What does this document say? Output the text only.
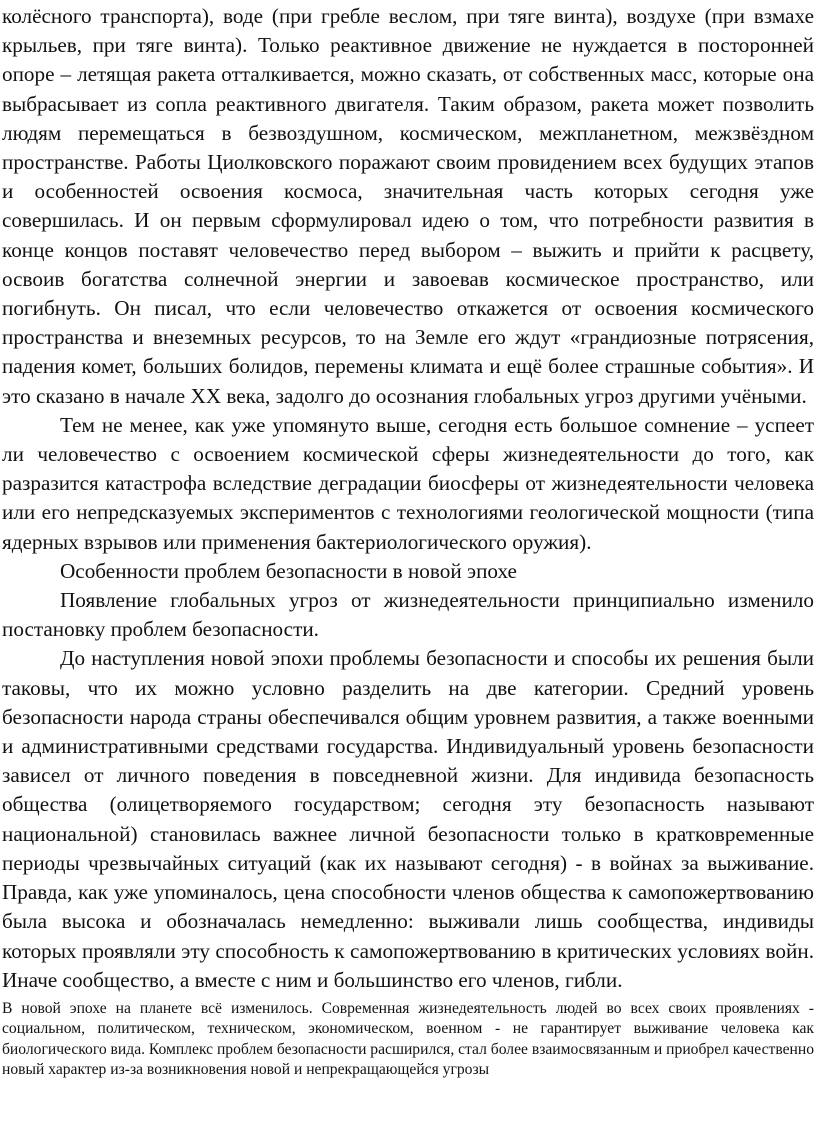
колёсного транспорта), воде (при гребле веслом, при тяге винта), воздухе (при взмахе крыльев, при тяге винта). Только реактивное движение не нуждается в посторонней опоре – летящая ракета отталкивается, можно сказать, от собственных масс, которые она выбрасывает из сопла реактивного двигателя. Таким образом, ракета может позволить людям перемещаться в безвоздушном, космическом, межпланетном, межзвёздном пространстве. Работы Циолковского поражают своим провидением всех будущих этапов и особенностей освоения космоса, значительная часть которых сегодня уже совершилась. И он первым сформулировал идею о том, что потребности развития в конце концов поставят человечество перед выбором – выжить и прийти к расцвету, освоив богатства солнечной энергии и завоевав космическое пространство, или погибнуть. Он писал, что если человечество откажется от освоения космического пространства и внеземных ресурсов, то на Земле его ждут «грандиозные потрясения, падения комет, больших болидов, перемены климата и ещё более страшные события». И это сказано в начале XX века, задолго до осознания глобальных угроз другими учёными.

Тем не менее, как уже упомянуто выше, сегодня есть большое сомнение – успеет ли человечество с освоением космической сферы жизнедеятельности до того, как разразится катастрофа вследствие деградации биосферы от жизнедеятельности человека или его непредсказуемых экспериментов с технологиями геологической мощности (типа ядерных взрывов или применения бактериологического оружия).

Особенности проблем безопасности в новой эпохе

Появление глобальных угроз от жизнедеятельности принципиально изменило постановку проблем безопасности.

До наступления новой эпохи проблемы безопасности и способы их решения были таковы, что их можно условно разделить на две категории. Средний уровень безопасности народа страны обеспечивался общим уровнем развития, а также военными и административными средствами государства. Индивидуальный уровень безопасности зависел от личного поведения в повседневной жизни. Для индивида безопасность общества (олицетворяемого государством; сегодня эту безопасность называют национальной) становилась важнее личной безопасности только в кратковременные периоды чрезвычайных ситуаций (как их называют сегодня) - в войнах за выживание. Правда, как уже упоминалось, цена способности членов общества к самопожертвованию была высока и обозначалась немедленно: выживали лишь сообщества, индивиды которых проявляли эту способность к самопожертвованию в критических условиях войн. Иначе сообщество, а вместе с ним и большинство его членов, гибли.

В новой эпохе на планете всё изменилось. Современная жизнедеятельность людей во всех своих проявлениях - социальном, политическом, техническом, экономическом, военном - не гарантирует выживание человека как биологического вида. Комплекс проблем безопасности расширился, стал более взаимосвязанным и приобрел качественно новый характер из-за возникновения новой и непрекращающейся угрозы
